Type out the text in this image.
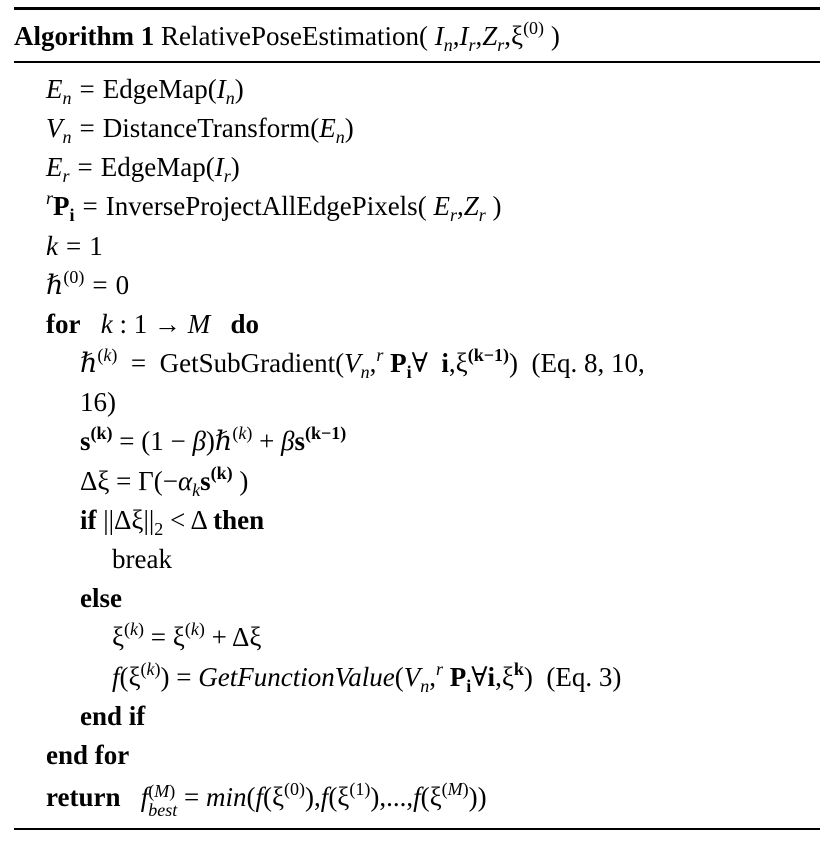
Algorithm 1 RelativePoseEstimation( $I_n,I_r,Z_r,\xi^{(0)}$ )
$E_n$ = $EdgeMap(I_n)$
$V_n$ = $DistanceTransform(E_n)$
$E_r$ = $EdgeMap(I_r)$
$^rP_i$ = InverseProjectAllEdgePixels( $E_r,Z_r$ )
k = 1
ℏ$^{(0)}$ = 0
for k : 1 → M do
ℏ$^{(k)}$  =  $GetSubGradient(V_n,^r$ $P_i\forall$  $i,\xi^{(k-1)}$)  (Eq. 8, 10,
16)
$s^{(k)} = (1$ − β)ℏ$^{(k)}$ + $\beta s^{(k-1)}$
$\Delta\xi = \Gamma(-\alpha_ks^{(k)}$ )
if $||\Delta\xi||_2 < \Delta$ then
break
else
$\xi^{(k)} = \xi^{(k)} + \Delta\xi$
$f(\xi^{(k)})$ = $GetFunctionValue(V_n,^r$ $P_i\forall i,\xi^k$)  (Eq. 3)
end if
end for
return f (M)
best = $\min(f(\xi^{(0)}),f(\xi^{(1)}),...,f(\xi^{(M)}))$
